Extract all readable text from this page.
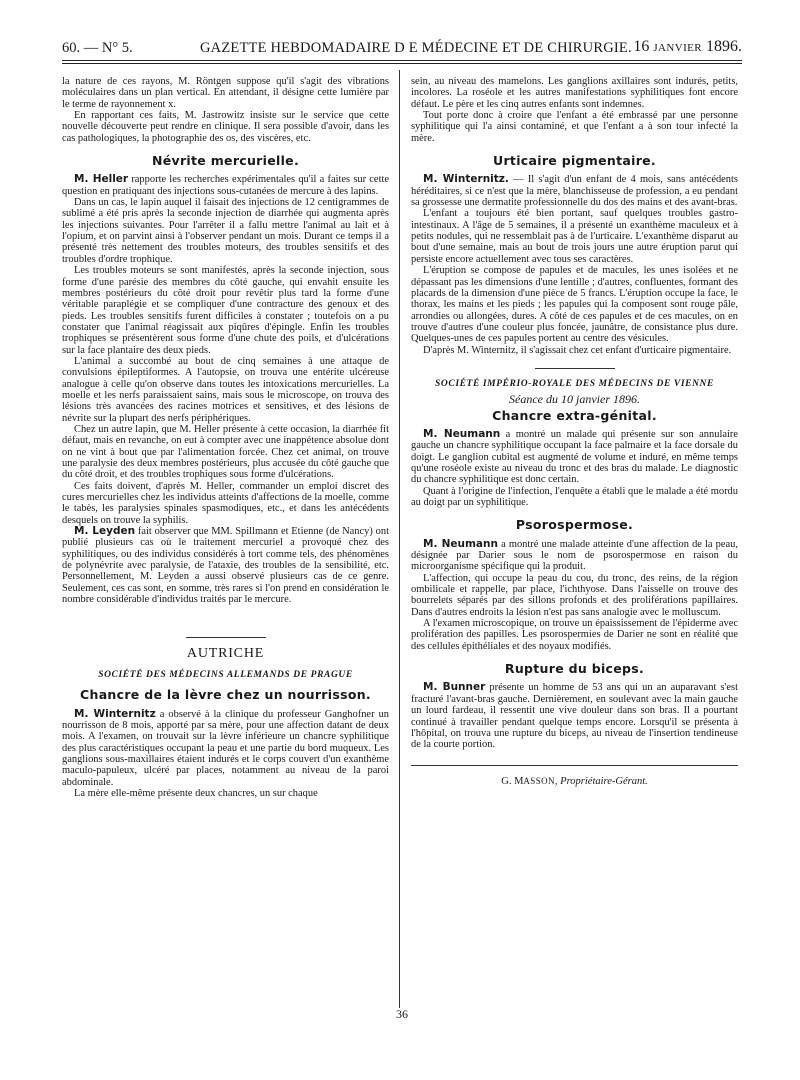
60. — N° 5.	GAZETTE HEBDOMADAIRE D E MÉDECINE ET DE CHIRURGIE. 16 JANVIER 1896.

la nature de ces rayons, M. Röntgen suppose qu'il s'agit des vibrations moléculaires dans un plan vertical. En attendant, il désigne cette lumière par le terme de rayonnement x.

En rapportant ces faits, M. Jastrowitz insiste sur le service que cette nouvelle découverte peut rendre en clinique. Il sera possible d'avoir, dans les cas pathologiques, la photographie des os, des viscères, etc.

Névrite mercurielle.

M. Heller rapporte les recherches expérimentales qu'il a faites sur cette question en pratiquant des injections sous-cutanées de mercure à des lapins.

Dans un cas, le lapin auquel il faisait des injections de 12 centigrammes de sublimé a été pris après la seconde injection de diarrhée qui augmenta après les injections suivantes. Pour l'arrêter il a fallu mettre l'animal au lait et à l'opium, et on parvint ainsi à l'observer pendant un mois. Durant ce temps il a présenté très nettement des troubles moteurs, des troubles sensitifs et des troubles d'ordre trophique.

Les troubles moteurs se sont manifestés, après la seconde injection, sous forme d'une parésie des membres du côté gauche, qui envahit ensuite les membres postérieurs du côté droit pour revêtir plus tard la forme d'une véritable paraplégie et se compliquer d'une contracture des genoux et des pieds. Les troubles sensitifs furent difficiles à constater ; toutefois on a pu constater que l'animal réagissait aux piqûres d'épingle. Enfin les troubles trophiques se présentèrent sous forme d'une chute des poils, et d'ulcérations sur la face plantaire des deux pieds.

L'animal a succombé au bout de cinq semaines à une attaque de convulsions épileptiformes. A l'autopsie, on trouva une entérite ulcéreuse analogue à celle qu'on observe dans toutes les intoxications mercurielles. La moelle et les nerfs paraissaient sains, mais sous le microscope, on trouva des lésions très avancées des racines motrices et sensitives, et des lésions de névrite sur la plupart des nerfs périphériques.

Chez un autre lapin, que M. Heller présente à cette occasion, la diarrhée fit défaut, mais en revanche, on eut à compter avec une inappétence absolue dont on ne vint à bout que par l'alimentation forcée. Chez cet animal, on trouve une paralysie des deux membres postérieurs, plus accusée du côté gauche que du côté droit, et des troubles trophiques sous forme d'ulcérations.

Ces faits doivent, d'après M. Heller, commander un emploi discret des cures mercurielles chez les individus atteints d'affections de la moelle, comme le tabès, les paralysies spinales spasmodiques, etc., et dans les antécédents desquels on trouve la syphilis.

M. Leyden fait observer que MM. Spillmann et Etienne (de Nancy) ont publié plusieurs cas où le traitement mercuriel a provoqué chez des syphilitiques, ou des individus considérés à tort comme tels, des phénomènes de polynévrite avec paralysie, de l'ataxie, des troubles de la sensibilité, etc. Personnellement, M. Leyden a aussi observé plusieurs cas de ce genre. Seulement, ces cas sont, en somme, très rares si l'on prend en considération le nombre considérable d'individus traités par le mercure.

AUTRICHE
SOCIÉTÉ DES MÉDECINS ALLEMANDS DE PRAGUE
Chancre de la lèvre chez un nourrisson.

M. Winternitz a observé à la clinique du professeur Ganghofner un nourrisson de 8 mois, apporté par sa mère, pour une affection datant de deux mois. A l'examen, on trouvait sur la lèvre inférieure un chancre syphilitique des plus caractéristiques occupant la peau et une partie du bord muqueux. Les ganglions sous-maxillaires étaient indurés et le corps couvert d'un exanthème maculo-papuleux, ulcéré par places, notamment au niveau de la paroi abdominale.

La mère elle-même présente deux chancres, un sur chaque

sein, au niveau des mamelons. Les ganglions axillaires sont indurés, petits, incolores. La roséole et les autres manifestations syphilitiques font encore défaut. Le père et les cinq autres enfants sont indemnes.

Tout porte donc à croire que l'enfant a été embrassé par une personne syphilitique qui l'a ainsi contaminé, et que l'enfant a à son tour infecté la mère.

Urticaire pigmentaire.

M. Winternitz. — Il s'agit d'un enfant de 4 mois, sans antécédents héréditaires, si ce n'est que la mère, blanchisseuse de profession, a eu pendant sa grossesse une dermatite professionnelle du dos des mains et des avant-bras.

L'enfant a toujours été bien portant, sauf quelques troubles gastro-intestinaux. A l'âge de 5 semaines, il a présenté un exanthème maculeux et à petits nodules, qui ne ressemblait pas à de l'urticaire. L'exanthème disparut au bout d'une semaine, mais au bout de trois jours une autre éruption parut qui persiste encore actuellement avec tous ses caractères.

L'éruption se compose de papules et de macules, les unes isolées et ne dépassant pas les dimensions d'une lentille ; d'autres, confluentes, formant des placards de la dimension d'une pièce de 5 francs. L'éruption occupe la face, le thorax, les mains et les pieds ; les papules qui la composent sont rouge pâle, arrondies ou allongées, dures. A côté de ces papules et de ces macules, on en trouve d'autres d'une couleur plus foncée, jaunâtre, de consistance plus dure. Quelques-unes de ces papules portent au centre des vésicules.

D'après M. Winternitz, il s'agissait chez cet enfant d'urticaire pigmentaire.

SOCIÉTÉ IMPÉRIO-ROYALE DES MÉDECINS DE VIENNE
Séance du 10 janvier 1896.
Chancre extra-génital.

M. Neumann a montré un malade qui présente sur son annulaire gauche un chancre syphilitique occupant la face palmaire et la face dorsale du doigt. Le ganglion cubital est augmenté de volume et induré, en même temps qu'une roséole existe au niveau du tronc et des bras du malade. Le diagnostic du chancre syphilitique est donc certain.

Quant à l'origine de l'infection, l'enquête a établi que le malade a été mordu au doigt par un syphilitique.

Psorospermose.

M. Neumann a montré une malade atteinte d'une affection de la peau, désignée par Darier sous le nom de psorospermose en raison du microorganisme spécifique qui la produit.

L'affection, qui occupe la peau du cou, du tronc, des reins, de la région ombilicale et rappelle, par place, l'ichthyose. Dans l'aisselle on trouve des bourrelets séparés par des sillons profonds et des proliférations papillaires. Dans d'autres endroits la lésion n'est pas sans analogie avec le molluscum.

A l'examen microscopique, on trouve un épaississement de l'épiderme avec prolifération des papilles. Les psorospermies de Darier ne sont en réalité que des cellules épithéliales et des noyaux modifiés.

Rupture du biceps.

M. Bunner présente un homme de 53 ans qui un an auparavant s'est fracturé l'avant-bras gauche. Dernièrement, en soulevant avec la main gauche un lourd fardeau, il ressentit une vive douleur dans son bras. Il a pourtant continué à travailler pendant quelque temps encore. Lorsqu'il se présenta à l'hôpital, on trouva une rupture du biceps, au niveau de l'insertion tendineuse de la courte portion.

G. MASSON, Propriétaire-Gérant.
36
